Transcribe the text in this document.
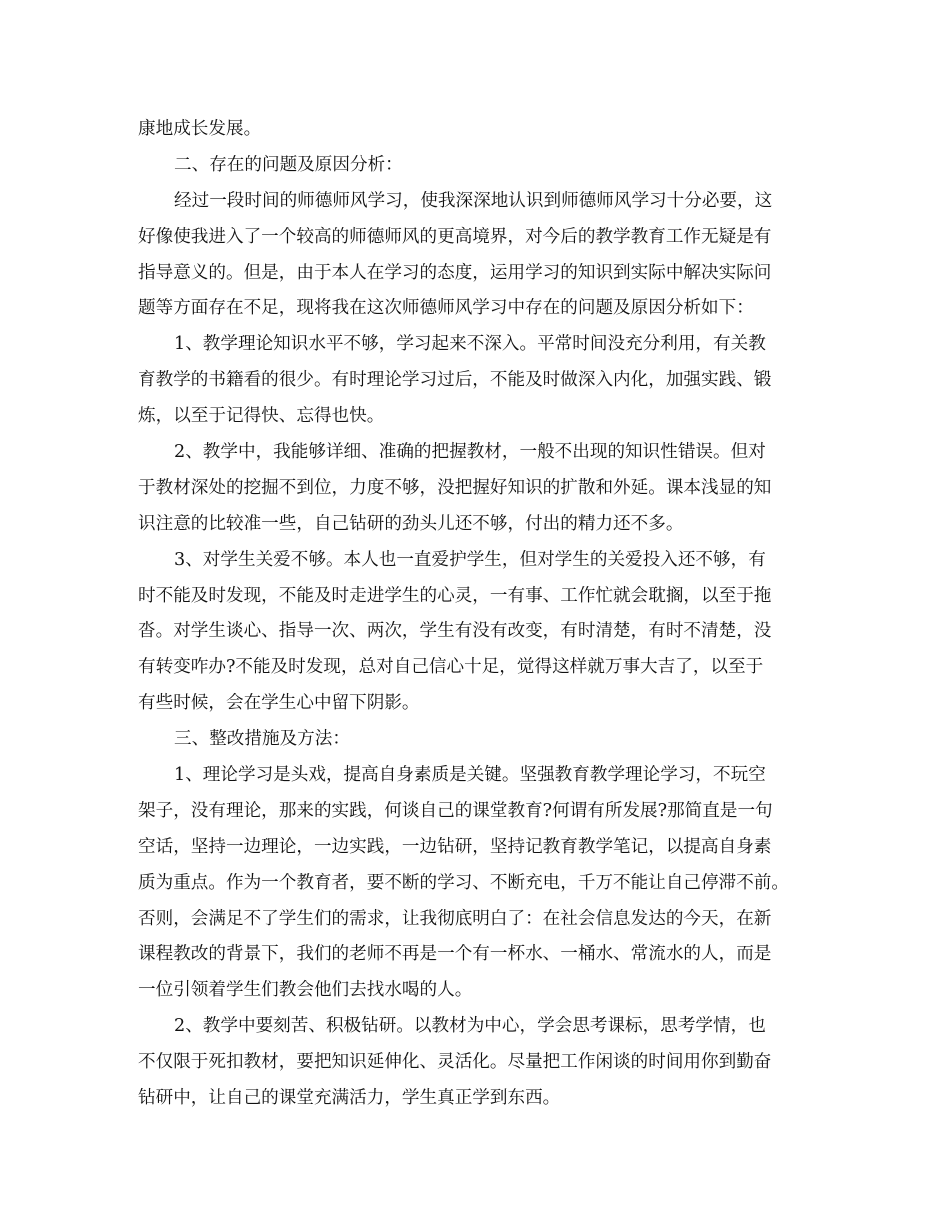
康地成长发展。
二、存在的问题及原因分析：
经过一段时间的师德师风学习，使我深深地认识到师德师风学习十分必要，这
好像使我进入了一个较高的师德师风的更高境界，对今后的教学教育工作无疑是有
指导意义的。但是，由于本人在学习的态度，运用学习的知识到实际中解决实际问
题等方面存在不足，现将我在这次师德师风学习中存在的问题及原因分析如下：
1、教学理论知识水平不够，学习起来不深入。平常时间没充分利用，有关教
育教学的书籍看的很少。有时理论学习过后，不能及时做深入内化，加强实践、锻
炼，以至于记得快、忘得也快。
2、教学中，我能够详细、准确的把握教材，一般不出现的知识性错误。但对
于教材深处的挖掘不到位，力度不够，没把握好知识的扩散和外延。课本浅显的知
识注意的比较准一些，自己钻研的劲头儿还不够，付出的精力还不多。
3、对学生关爱不够。本人也一直爱护学生，但对学生的关爱投入还不够，有
时不能及时发现，不能及时走进学生的心灵，一有事、工作忙就会耽搁，以至于拖
沓。对学生谈心、指导一次、两次，学生有没有改变，有时清楚，有时不清楚，没
有转变咋办?不能及时发现，总对自己信心十足，觉得这样就万事大吉了，以至于
有些时候，会在学生心中留下阴影。
三、整改措施及方法：
1、理论学习是头戏，提高自身素质是关键。坚强教育教学理论学习，不玩空
架子，没有理论，那来的实践，何谈自己的课堂教育?何谓有所发展?那简直是一句
空话，坚持一边理论，一边实践，一边钻研，坚持记教育教学笔记，以提高自身素
质为重点。作为一个教育者，要不断的学习、不断充电，千万不能让自己停滞不前。
否则，会满足不了学生们的需求，让我彻底明白了：在社会信息发达的今天，在新
课程教改的背景下，我们的老师不再是一个有一杯水、一桶水、常流水的人，而是
一位引领着学生们教会他们去找水喝的人。
2、教学中要刻苦、积极钻研。以教材为中心，学会思考课标，思考学情，也
不仅限于死扣教材，要把知识延伸化、灵活化。尽量把工作闲谈的时间用你到勤奋
钻研中，让自己的课堂充满活力，学生真正学到东西。
